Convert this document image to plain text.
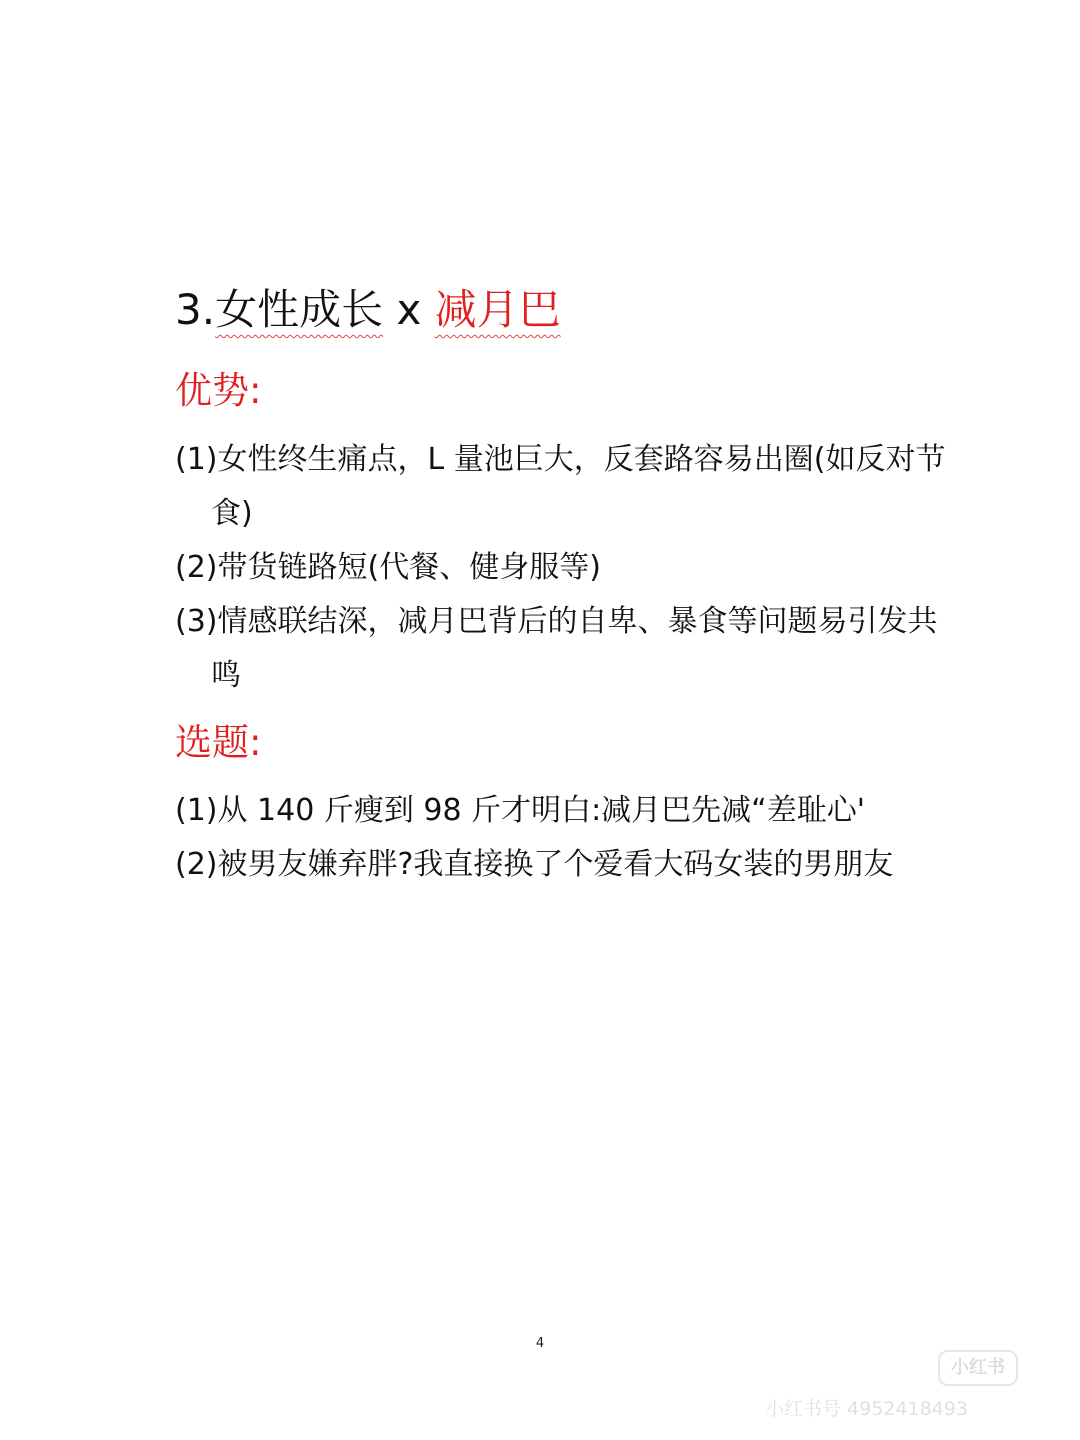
3.女性成长 x 减月巴
优势:
(1)女性终生痛点，L 量池巨大，反套路容易出圈(如反对节食)
(2)带货链路短(代餐、健身服等)
(3)情感联结深，减月巴背后的自卑、暴食等问题易引发共鸣
选题:
(1)从 140 斤瘦到 98 斤才明白:减月巴先减“差耻心'
(2)被男友嫌弃胖?我直接换了个爱看大码女装的男朋友
4
小红书
小红书号 4952418493
